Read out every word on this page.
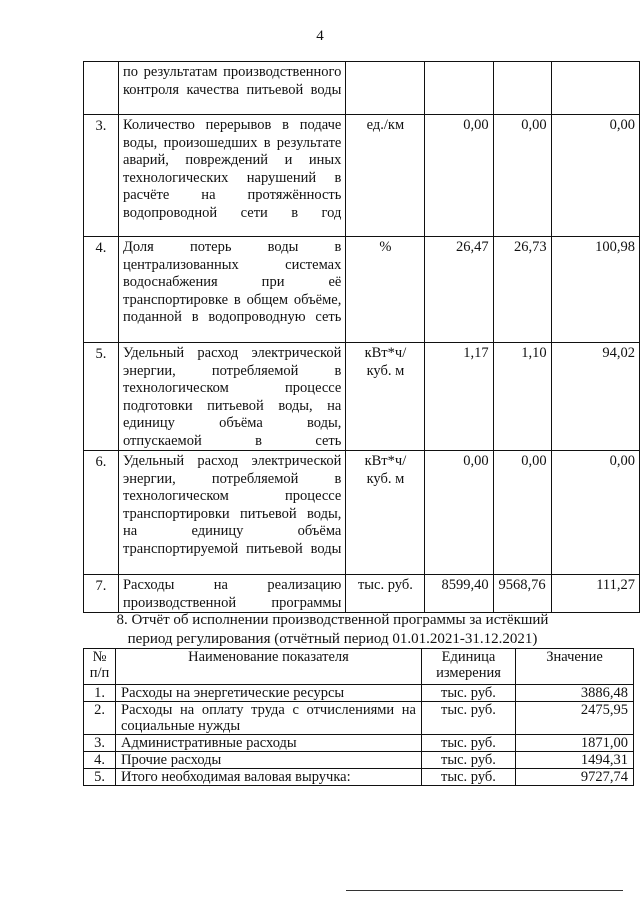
4
	по результатам производственного контроля качества питьевой воды				
3.	Количество перерывов в подаче воды, произошедших в результате аварий, повреждений и иных технологических нарушений в расчёте на протяжённость водопроводной сети в год	ед./км	0,00	0,00	0,00
4.	Доля потерь воды в централизованных системах водоснабжения при её транспортировке в общем объёме, поданной в водопроводную сеть	%	26,47	26,73	100,98
5.	Удельный расход электрической энергии, потребляемой в технологическом процессе подготовки питьевой воды, на единицу объёма воды, отпускаемой в сеть	кВт*ч/ куб. м	1,17	1,10	94,02
6.	Удельный расход электрической энергии, потребляемой в технологическом процессе транспортировки питьевой воды, на единицу объёма транспортируемой питьевой воды	кВт*ч/ куб. м	0,00	0,00	0,00
7.	Расходы на реализацию производственной программы	тыс. руб.	8599,40	9568,76	111,27
8. Отчёт об исполнении производственной программы за истёкший период регулирования (отчётный период 01.01.2021-31.12.2021)
№ п/п	Наименование показателя	Единица измерения	Значение
1.	Расходы на энергетические ресурсы	тыс. руб.	3886,48
2.	Расходы на оплату труда с отчислениями на социальные нужды	тыс. руб.	2475,95
3.	Административные расходы	тыс. руб.	1871,00
4.	Прочие расходы	тыс. руб.	1494,31
5.	Итого необходимая валовая выручка:	тыс. руб.	9727,74
